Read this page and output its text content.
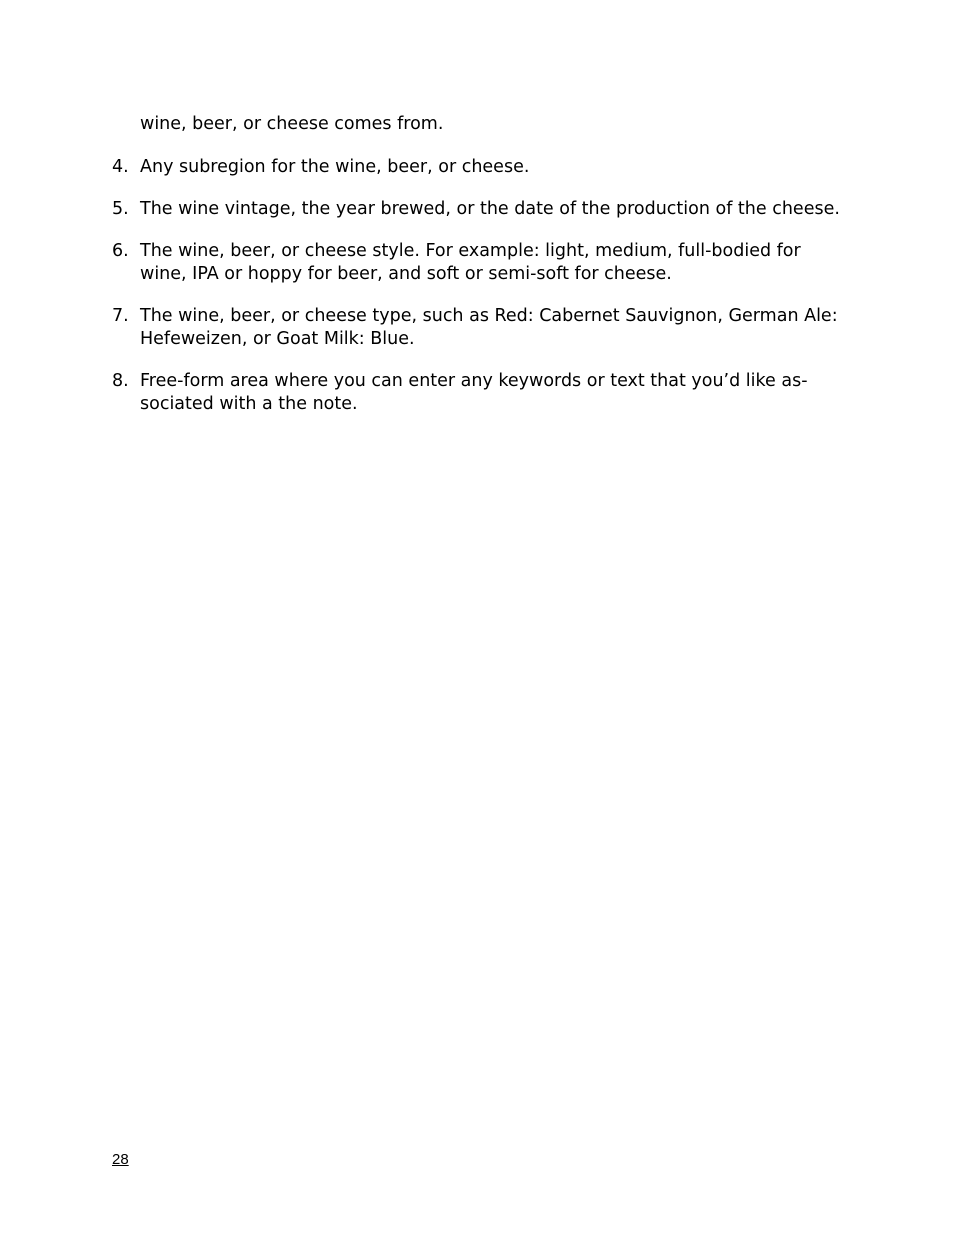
wine, beer, or cheese comes from.

4. Any subregion for the wine, beer, or cheese.
5. The wine vintage, the year brewed, or the date of the production of the cheese.
6. The wine, beer, or cheese style. For example: light, medium, full-bodied for wine, IPA or hoppy for beer, and soft or semi-soft for cheese.
7. The wine, beer, or cheese type, such as Red: Cabernet Sauvignon, German Ale: Hefeweizen, or Goat Milk: Blue.
8. Free-form area where you can enter any keywords or text that you’d like as-sociated with a the note.
28
